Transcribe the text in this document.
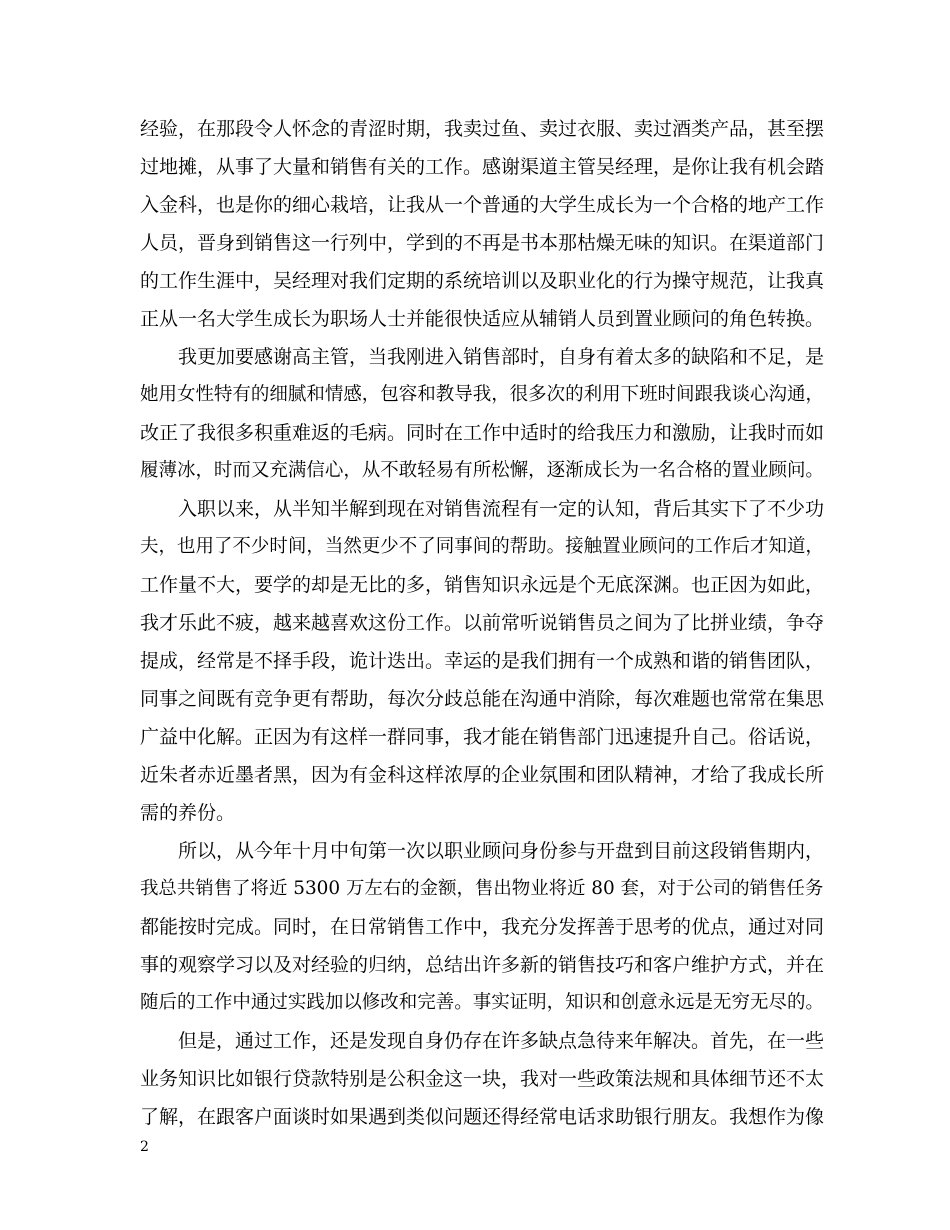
经验，在那段令人怀念的青涩时期，我卖过鱼、卖过衣服、卖过酒类产品，甚至摆
过地摊，从事了大量和销售有关的工作。感谢渠道主管吴经理，是你让我有机会踏
入金科，也是你的细心栽培，让我从一个普通的大学生成长为一个合格的地产工作
人员，晋身到销售这一行列中，学到的不再是书本那枯燥无味的知识。在渠道部门
的工作生涯中，吴经理对我们定期的系统培训以及职业化的行为操守规范，让我真
正从一名大学生成长为职场人士并能很快适应从辅销人员到置业顾问的角色转换。
　　我更加要感谢高主管，当我刚进入销售部时，自身有着太多的缺陷和不足，是
她用女性特有的细腻和情感，包容和教导我，很多次的利用下班时间跟我谈心沟通，
改正了我很多积重难返的毛病。同时在工作中适时的给我压力和激励，让我时而如
履薄冰，时而又充满信心，从不敢轻易有所松懈，逐渐成长为一名合格的置业顾问。
　　入职以来，从半知半解到现在对销售流程有一定的认知，背后其实下了不少功
夫，也用了不少时间，当然更少不了同事间的帮助。接触置业顾问的工作后才知道，
工作量不大，要学的却是无比的多，销售知识永远是个无底深渊。也正因为如此，
我才乐此不疲，越来越喜欢这份工作。以前常听说销售员之间为了比拼业绩，争夺
提成，经常是不择手段，诡计迭出。幸运的是我们拥有一个成熟和谐的销售团队，
同事之间既有竞争更有帮助，每次分歧总能在沟通中消除，每次难题也常常在集思
广益中化解。正因为有这样一群同事，我才能在销售部门迅速提升自己。俗话说，
近朱者赤近墨者黑，因为有金科这样浓厚的企业氛围和团队精神，才给了我成长所
需的养份。
　　所以，从今年十月中旬第一次以职业顾问身份参与开盘到目前这段销售期内，
我总共销售了将近 5300 万左右的金额，售出物业将近 80 套，对于公司的销售任务
都能按时完成。同时，在日常销售工作中，我充分发挥善于思考的优点，通过对同
事的观察学习以及对经验的归纳，总结出许多新的销售技巧和客户维护方式，并在
随后的工作中通过实践加以修改和完善。事实证明，知识和创意永远是无穷无尽的。
　　但是，通过工作，还是发现自身仍存在许多缺点急待来年解决。首先，在一些
业务知识比如银行贷款特别是公积金这一块，我对一些政策法规和具体细节还不太
了解，在跟客户面谈时如果遇到类似问题还得经常电话求助银行朋友。我想作为像
2
